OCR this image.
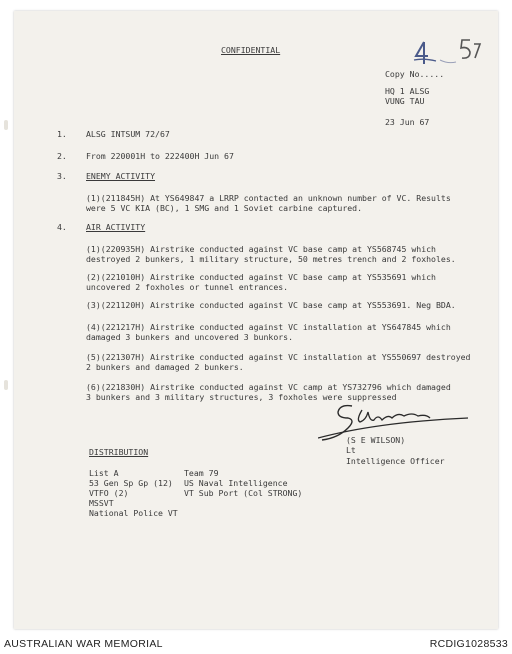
CONFIDENTIAL
Copy No.....
HQ 1 ALSG
VUNG TAU
23 Jun 67
1. ALSG INTSUM 72/67
2. From 220001H to 222400H Jun 67
3. ENEMY ACTIVITY
(1)(211845H) At YS649847 a LRRP contacted an unknown number of VC. Results
were 5 VC KIA (BC), 1 SMG and 1 Soviet carbine captured.
4. AIR ACTIVITY
(1)(220935H) Airstrike conducted against VC base camp at YS568745 which
destroyed 2 bunkers, 1 military structure, 50 metres trench and 2 foxholes.
(2)(221010H) Airstrike conducted against VC base camp at YS535691 which
uncovered 2 foxholes or tunnel entrances.
(3)(221120H) Airstrike conducted against VC base camp at YS553691. Neg BDA.
(4)(221217H) Airstrike conducted against VC installation at YS647845 which
damaged 3 bunkers and uncovered 3 bunkors.
(5)(221307H) Airstrike conducted against VC installation at YS550697 destroyed
2 bunkers and damaged 2 bunkers.
(6)(221830H) Airstrike conducted against VC camp at YS732796 which damaged
3 bunkers and 3 military structures, 3 foxholes were suppressed
(S E WILSON)
Lt
Intelligence Officer
DISTRIBUTION
List A
53 Gen Sp Gp (12)
VTFO (2)
MSSVT
National Police VT
Team 79
US Naval Intelligence
VT Sub Port (Col STRONG)
AUSTRALIAN WAR MEMORIAL	RCDIG1028533
